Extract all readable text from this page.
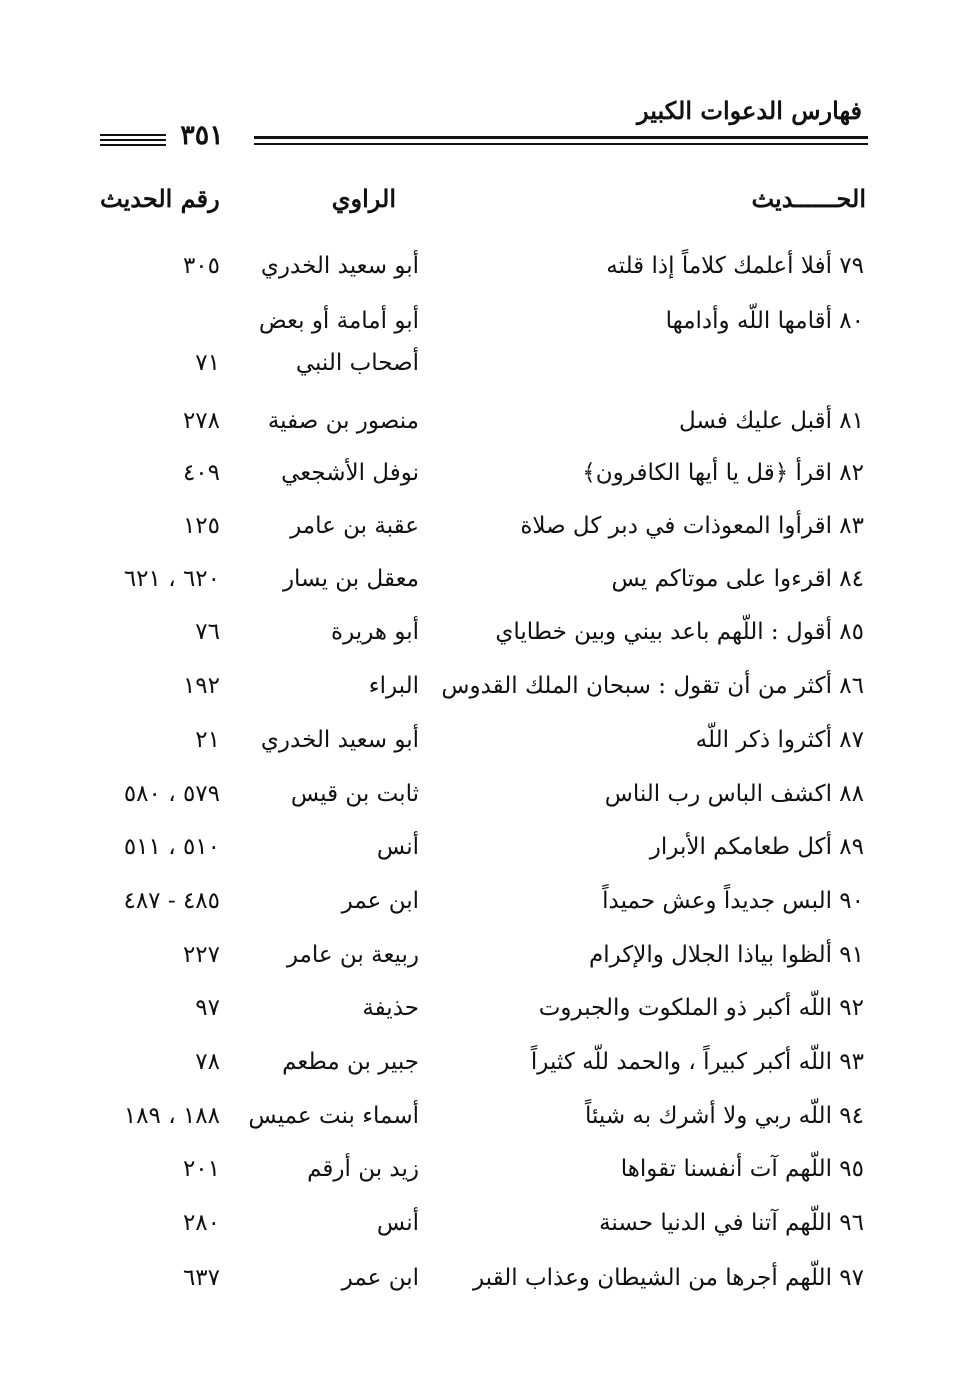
فهارس الدعوات الكبير
٣٥١
الحــــــديث
الراوي
رقم الحديث
٧٩ أفلا أعلمك كلاماً إذا قلته
أبو سعيد الخدري
٣٠٥
٨٠ أقامها اللّه وأدامها
أبو أمامة أو بعض
أصحاب النبي
٧١
٨١ أقبل عليك فسل
منصور بن صفية
٢٧٨
٨٢ اقرأ ﴿قل يا أيها الكافرون﴾
نوفل الأشجعي
٤٠٩
٨٣ اقرأوا المعوذات في دبر كل صلاة
عقبة بن عامر
١٢٥
٨٤ اقرءوا على موتاكم يس
معقل بن يسار
٦٢٠ ، ٦٢١
٨٥ أقول : اللّهم باعد بيني وبين خطاياي
أبو هريرة
٧٦
٨٦ أكثر من أن تقول : سبحان الملك القدوس
البراء
١٩٢
٨٧ أكثروا ذكر اللّه
أبو سعيد الخدري
٢١
٨٨ اكشف الباس رب الناس
ثابت بن قيس
٥٧٩ ، ٥٨٠
٨٩ أكل طعامكم الأبرار
أنس
٥١٠ ، ٥١١
٩٠ البس جديداً وعش حميداً
ابن عمر
٤٨٥ - ٤٨٧
٩١ ألظوا بياذا الجلال والإكرام
ربيعة بن عامر
٢٢٧
٩٢ اللّه أكبر ذو الملكوت والجبروت
حذيفة
٩٧
٩٣ اللّه أكبر كبيراً ، والحمد للّه كثيراً
جبير بن مطعم
٧٨
٩٤ اللّه ربي ولا أشرك به شيئاً
أسماء بنت عميس
١٨٨ ، ١٨٩
٩٥ اللّهم آت أنفسنا تقواها
زيد بن أرقم
٢٠١
٩٦ اللّهم آتنا في الدنيا حسنة
أنس
٢٨٠
٩٧ اللّهم أجرها من الشيطان وعذاب القبر
ابن عمر
٦٣٧
